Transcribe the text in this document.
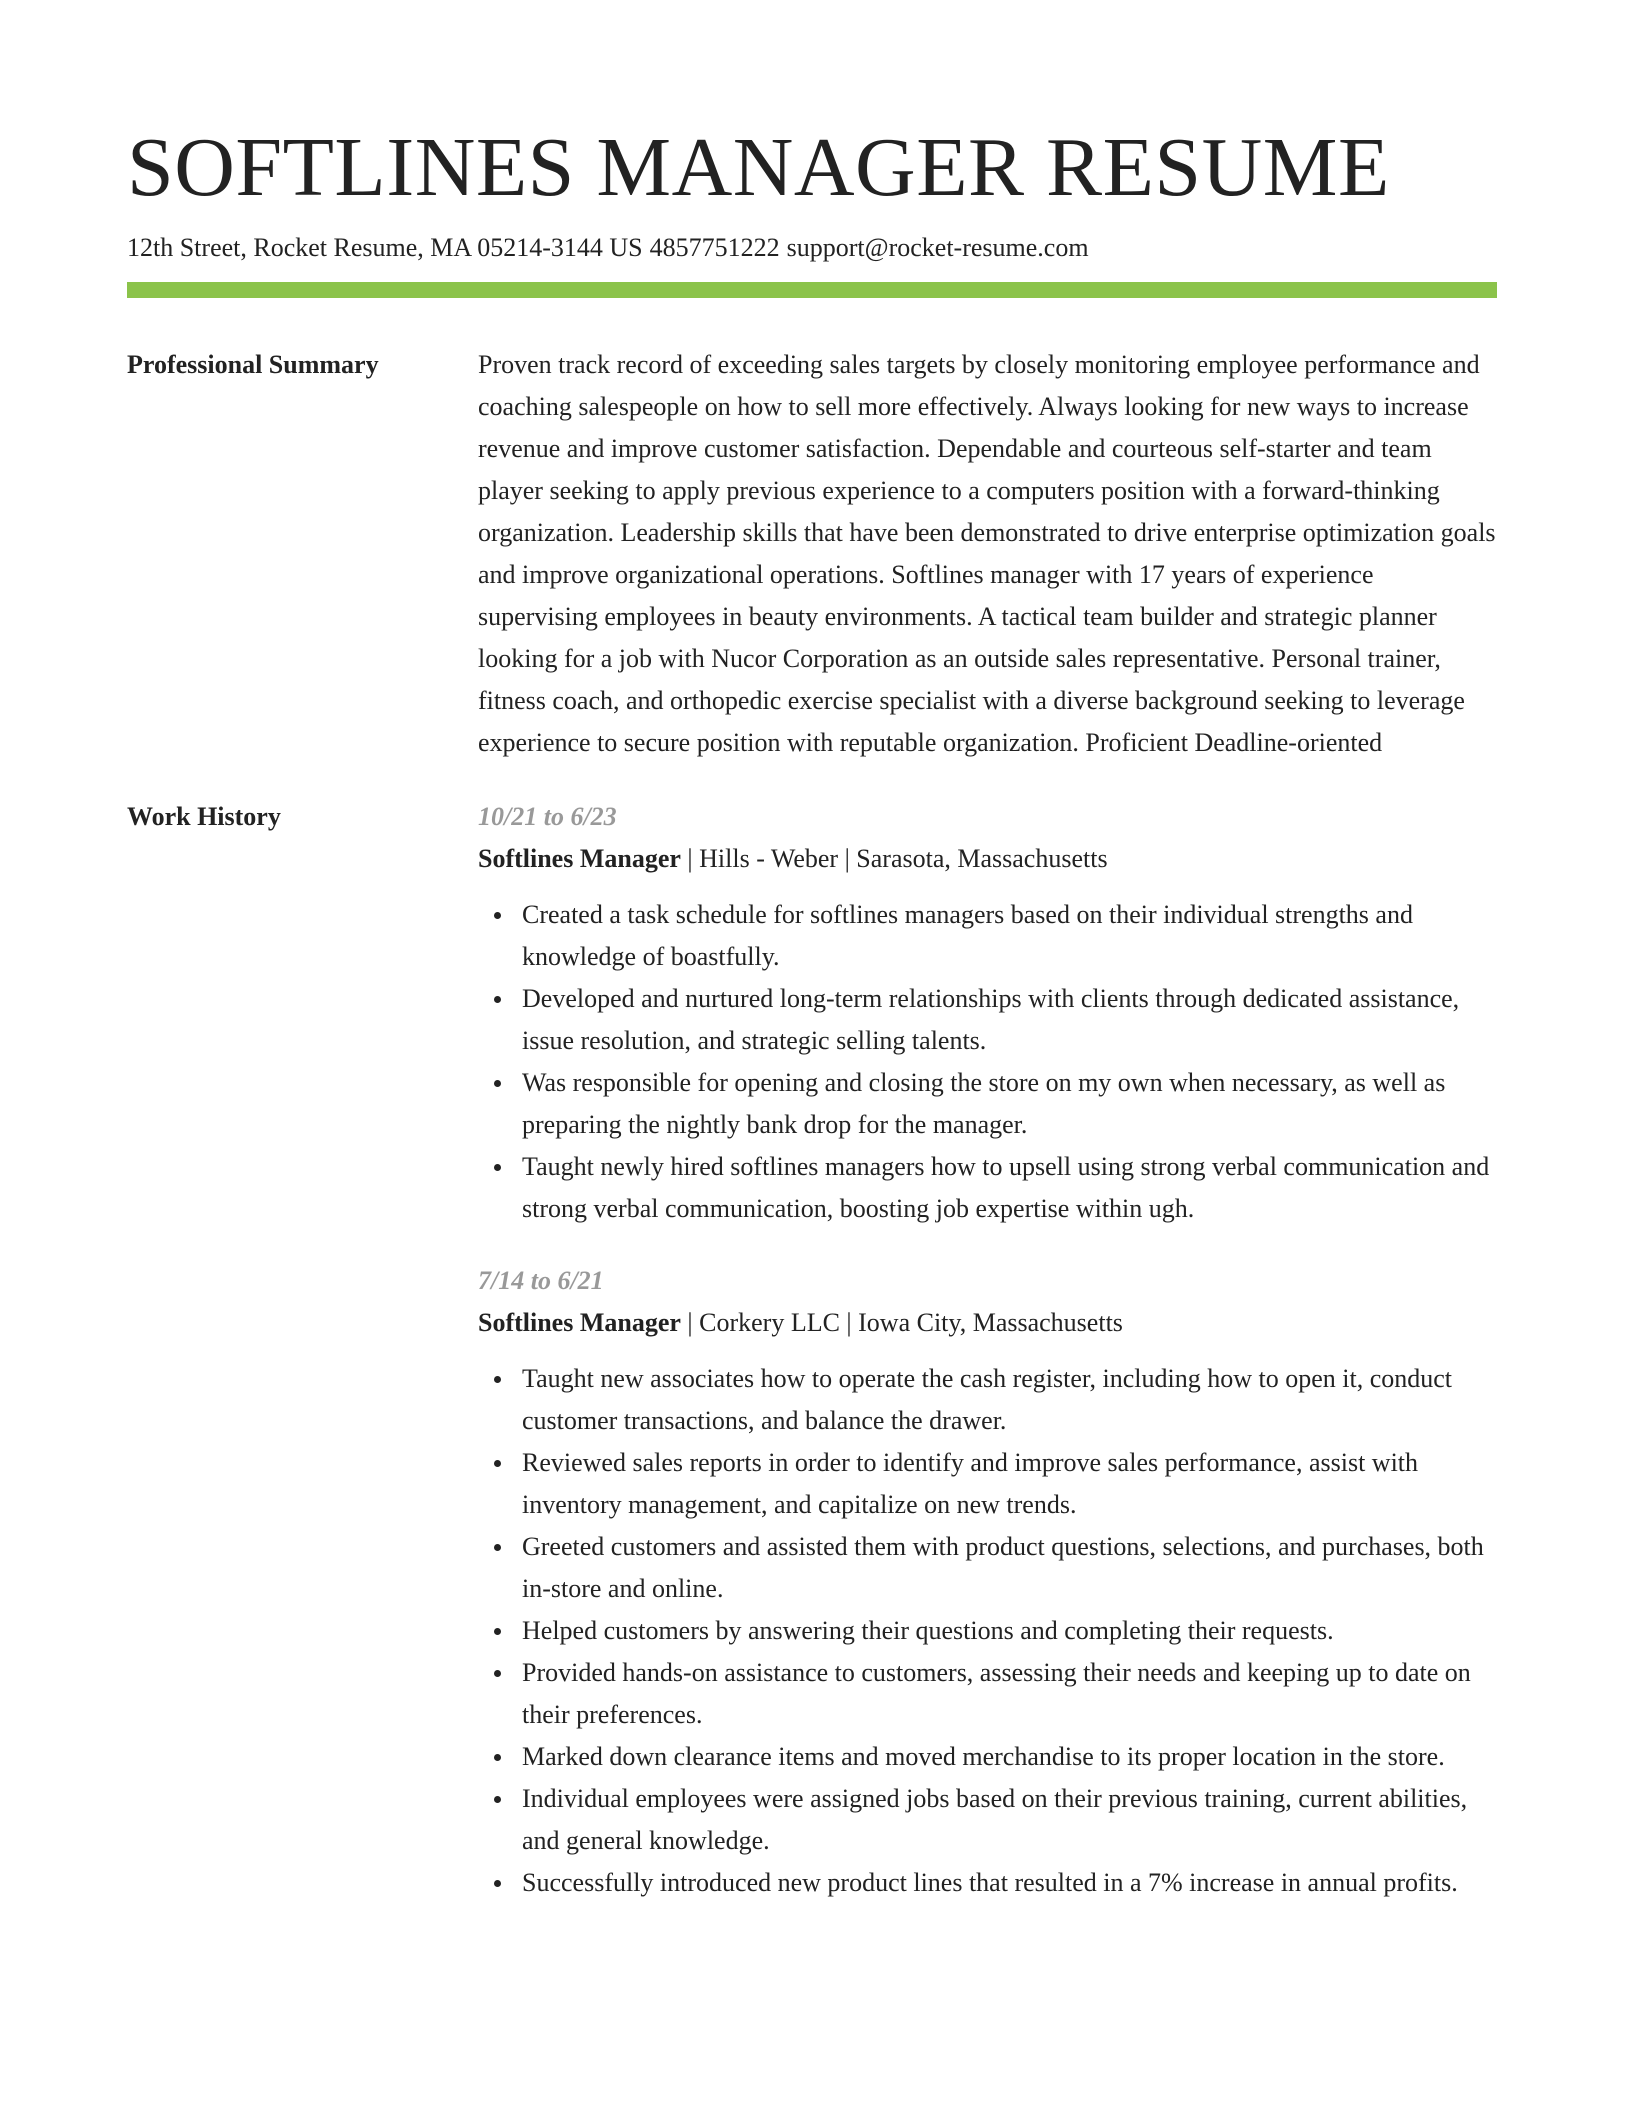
SOFTLINES MANAGER RESUME
12th Street, Rocket Resume, MA 05214-3144 US 4857751222 support@rocket-resume.com
Professional Summary	Proven track record of exceeding sales targets by closely monitoring employee performance and coaching salespeople on how to sell more effectively. Always looking for new ways to increase revenue and improve customer satisfaction. Dependable and courteous self-starter and team player seeking to apply previous experience to a computers position with a forward-thinking organization. Leadership skills that have been demonstrated to drive enterprise optimization goals and improve organizational operations. Softlines manager with 17 years of experience supervising employees in beauty environments. A tactical team builder and strategic planner looking for a job with Nucor Corporation as an outside sales representative. Personal trainer, fitness coach, and orthopedic exercise specialist with a diverse background seeking to leverage experience to secure position with reputable organization. Proficient Deadline-oriented

Work History	10/21 to 6/23
Softlines Manager | Hills - Weber | Sarasota, Massachusetts
Created a task schedule for softlines managers based on their individual strengths and knowledge of boastfully.
Developed and nurtured long-term relationships with clients through dedicated assistance, issue resolution, and strategic selling talents.
Was responsible for opening and closing the store on my own when necessary, as well as preparing the nightly bank drop for the manager.
Taught newly hired softlines managers how to upsell using strong verbal communication and strong verbal communication, boosting job expertise within ugh.
7/14 to 6/21
Softlines Manager | Corkery LLC | Iowa City, Massachusetts
Taught new associates how to operate the cash register, including how to open it, conduct customer transactions, and balance the drawer.
Reviewed sales reports in order to identify and improve sales performance, assist with inventory management, and capitalize on new trends.
Greeted customers and assisted them with product questions, selections, and purchases, both in-store and online.
Helped customers by answering their questions and completing their requests.
Provided hands-on assistance to customers, assessing their needs and keeping up to date on their preferences.
Marked down clearance items and moved merchandise to its proper location in the store.
Individual employees were assigned jobs based on their previous training, current abilities, and general knowledge.
Successfully introduced new product lines that resulted in a 7% increase in annual profits.
